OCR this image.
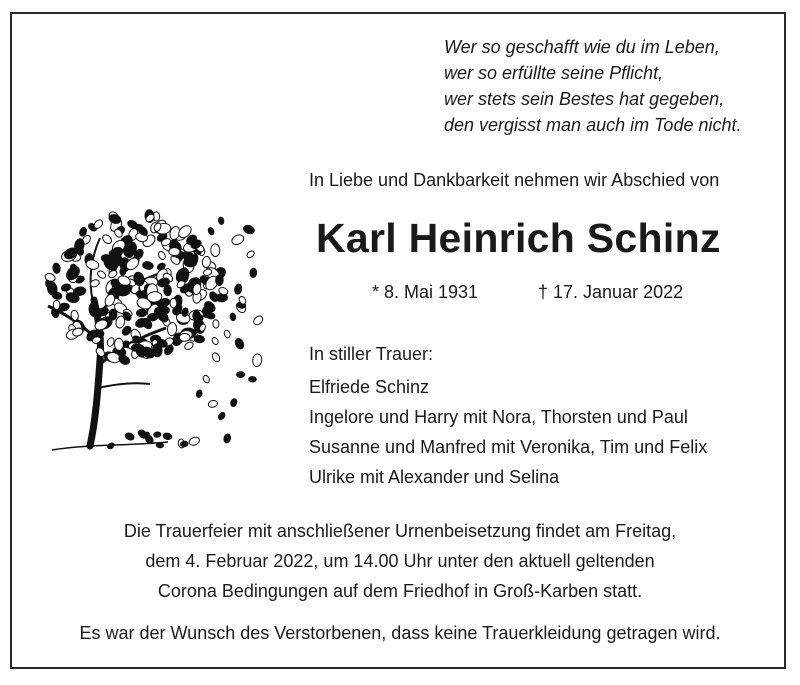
Wer so geschafft wie du im Leben,
wer so erfüllte seine Pflicht,
wer stets sein Bestes hat gegeben,
den vergisst man auch im Tode nicht.
In Liebe und Dankbarkeit nehmen wir Abschied von
Karl Heinrich Schinz
* 8. Mai 1931	† 17. Januar 2022
In stiller Trauer:
Elfriede Schinz
Ingelore und Harry mit Nora, Thorsten und Paul
Susanne und Manfred mit Veronika, Tim und Felix
Ulrike mit Alexander und Selina
Die Trauerfeier mit anschließener Urnenbeisetzung findet am Freitag,
dem 4. Februar 2022, um 14.00 Uhr unter den aktuell geltenden
Corona Bedingungen auf dem Friedhof in Groß-Karben statt.
Es war der Wunsch des Verstorbenen, dass keine Trauerkleidung getragen wird.
